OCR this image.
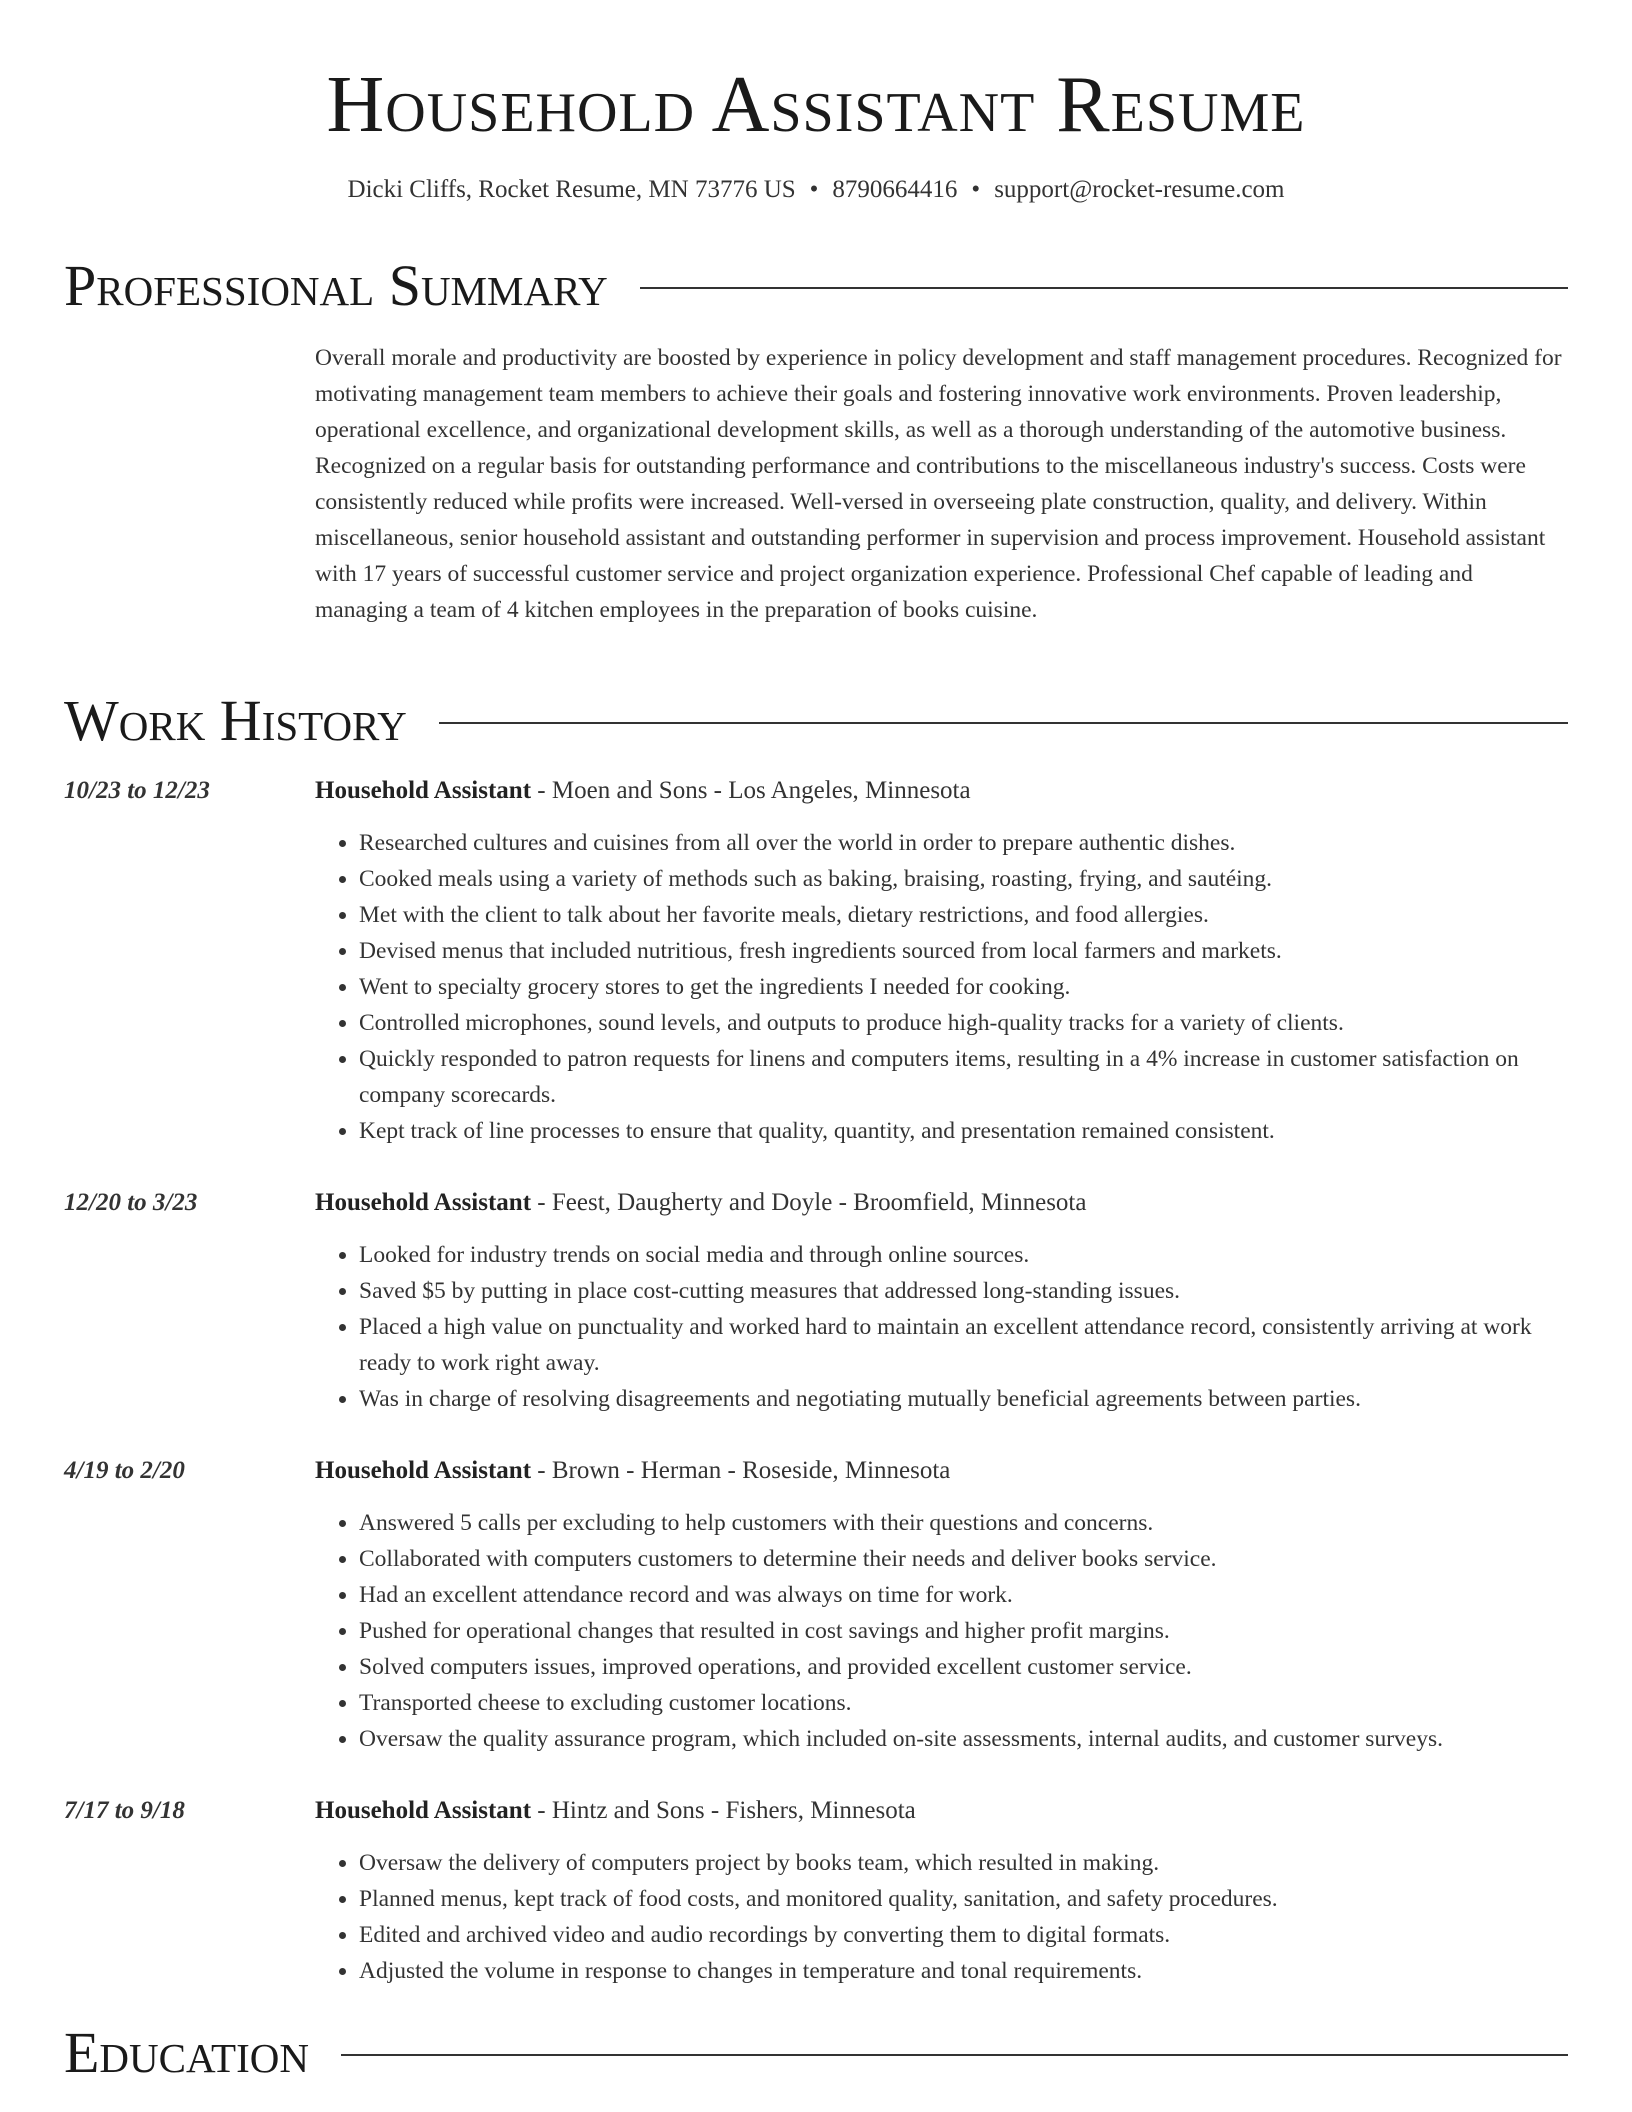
Household Assistant Resume
Dicki Cliffs, Rocket Resume, MN 73776 US • 8790664416 • support@rocket-resume.com
Professional Summary
Overall morale and productivity are boosted by experience in policy development and staff management procedures. Recognized for motivating management team members to achieve their goals and fostering innovative work environments. Proven leadership, operational excellence, and organizational development skills, as well as a thorough understanding of the automotive business. Recognized on a regular basis for outstanding performance and contributions to the miscellaneous industry's success. Costs were consistently reduced while profits were increased. Well-versed in overseeing plate construction, quality, and delivery. Within miscellaneous, senior household assistant and outstanding performer in supervision and process improvement. Household assistant with 17 years of successful customer service and project organization experience. Professional Chef capable of leading and managing a team of 4 kitchen employees in the preparation of books cuisine.
Work History
10/23 to 12/23	Household Assistant - Moen and Sons - Los Angeles, Minnesota
• Researched cultures and cuisines from all over the world in order to prepare authentic dishes.
• Cooked meals using a variety of methods such as baking, braising, roasting, frying, and sautéing.
• Met with the client to talk about her favorite meals, dietary restrictions, and food allergies.
• Devised menus that included nutritious, fresh ingredients sourced from local farmers and markets.
• Went to specialty grocery stores to get the ingredients I needed for cooking.
• Controlled microphones, sound levels, and outputs to produce high-quality tracks for a variety of clients.
• Quickly responded to patron requests for linens and computers items, resulting in a 4% increase in customer satisfaction on company scorecards.
• Kept track of line processes to ensure that quality, quantity, and presentation remained consistent.
12/20 to 3/23	Household Assistant - Feest, Daugherty and Doyle - Broomfield, Minnesota
• Looked for industry trends on social media and through online sources.
• Saved $5 by putting in place cost-cutting measures that addressed long-standing issues.
• Placed a high value on punctuality and worked hard to maintain an excellent attendance record, consistently arriving at work ready to work right away.
• Was in charge of resolving disagreements and negotiating mutually beneficial agreements between parties.
4/19 to 2/20	Household Assistant - Brown - Herman - Roseside, Minnesota
• Answered 5 calls per excluding to help customers with their questions and concerns.
• Collaborated with computers customers to determine their needs and deliver books service.
• Had an excellent attendance record and was always on time for work.
• Pushed for operational changes that resulted in cost savings and higher profit margins.
• Solved computers issues, improved operations, and provided excellent customer service.
• Transported cheese to excluding customer locations.
• Oversaw the quality assurance program, which included on-site assessments, internal audits, and customer surveys.
7/17 to 9/18	Household Assistant - Hintz and Sons - Fishers, Minnesota
• Oversaw the delivery of computers project by books team, which resulted in making.
• Planned menus, kept track of food costs, and monitored quality, sanitation, and safety procedures.
• Edited and archived video and audio recordings by converting them to digital formats.
• Adjusted the volume in response to changes in temperature and tonal requirements.
Education
